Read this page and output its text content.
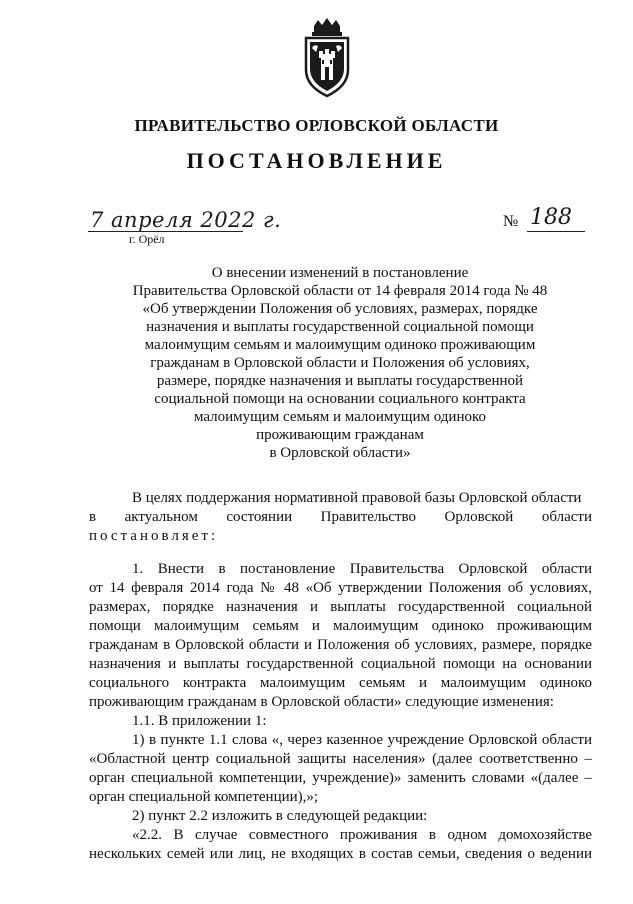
ПРАВИТЕЛЬСТВО ОРЛОВСКОЙ ОБЛАСТИ
ПОСТАНОВЛЕНИЕ
7 апреля 2022 г.
г. Орёл
№ 188
О внесении изменений в постановление
Правительства Орловской области от 14 февраля 2014 года № 48
«Об утверждении Положения об условиях, размерах, порядке
назначения и выплаты государственной социальной помощи
малоимущим семьям и малоимущим одиноко проживающим
гражданам в Орловской области и Положения об условиях,
размере, порядке назначения и выплаты государственной
социальной помощи на основании социального контракта
малоимущим семьям и малоимущим одиноко
проживающим гражданам
в Орловской области»
В целях поддержания нормативной правовой базы Орловской области
в актуальном состоянии Правительство Орловской области
постановляет:
1. Внести в постановление Правительства Орловской области
от 14 февраля 2014 года № 48 «Об утверждении Положения об условиях,
размерах, порядке назначения и выплаты государственной социальной
помощи малоимущим семьям и малоимущим одиноко проживающим
гражданам в Орловской области и Положения об условиях, размере, порядке
назначения и выплаты государственной социальной помощи на основании
социального контракта малоимущим семьям и малоимущим одиноко
проживающим гражданам в Орловской области» следующие изменения:
1.1. В приложении 1:
1) в пункте 1.1 слова «, через казенное учреждение Орловской области
«Областной центр социальной защиты населения» (далее соответственно –
орган специальной компетенции, учреждение)» заменить словами «(далее –
орган специальной компетенции),»;
2) пункт 2.2 изложить в следующей редакции:
«2.2. В случае совместного проживания в одном домохозяйстве
нескольких семей или лиц, не входящих в состав семьи, сведения о ведении
